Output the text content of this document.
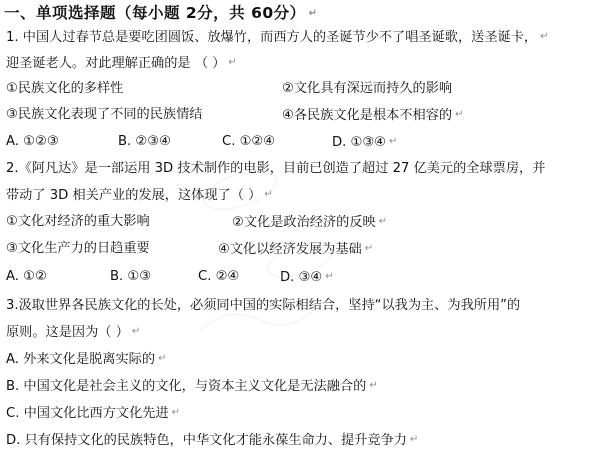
一、单项选择题（每小题 2分，共 60分） ↵
1. 中国人过春节总是要吃团圆饭、放爆竹，而西方人的圣诞节少不了唱圣诞歌，送圣诞卡， ↵
迎圣诞老人。对此理解正确的是 （ ） ↵
①民族文化的多样性	②文化具有深远而持久的影响
③民族文化表现了不同的民族情结	④各民族文化是根本不相容的 ↵
A. ①②③	B. ②③④	C. ①②④	D. ①③④ ↵
2.《阿凡达》是一部运用 3D 技术制作的电影，目前已创造了超过 27 亿美元的全球票房，并
带动了 3D 相关产业的发展，这体现了（ ） ↵
①文化对经济的重大影响	②文化是政治经济的反映 ↵
③文化生产力的日趋重要	④文化以经济发展为基础 ↵
A. ①②	B. ①③	C. ②④	D. ③④ ↵
3.汲取世界各民族文化的长处，必须同中国的实际相结合，坚持“以我为主、为我所用”的
原则。这是因为（ ） ↵
A. 外来文化是脱离实际的 ↵
B. 中国文化是社会主义的文化，与资本主义文化是无法融合的 ↵
C. 中国文化比西方文化先进 ↵
D. 只有保持文化的民族特色，中华文化才能永葆生命力、提升竞争力 ↵
